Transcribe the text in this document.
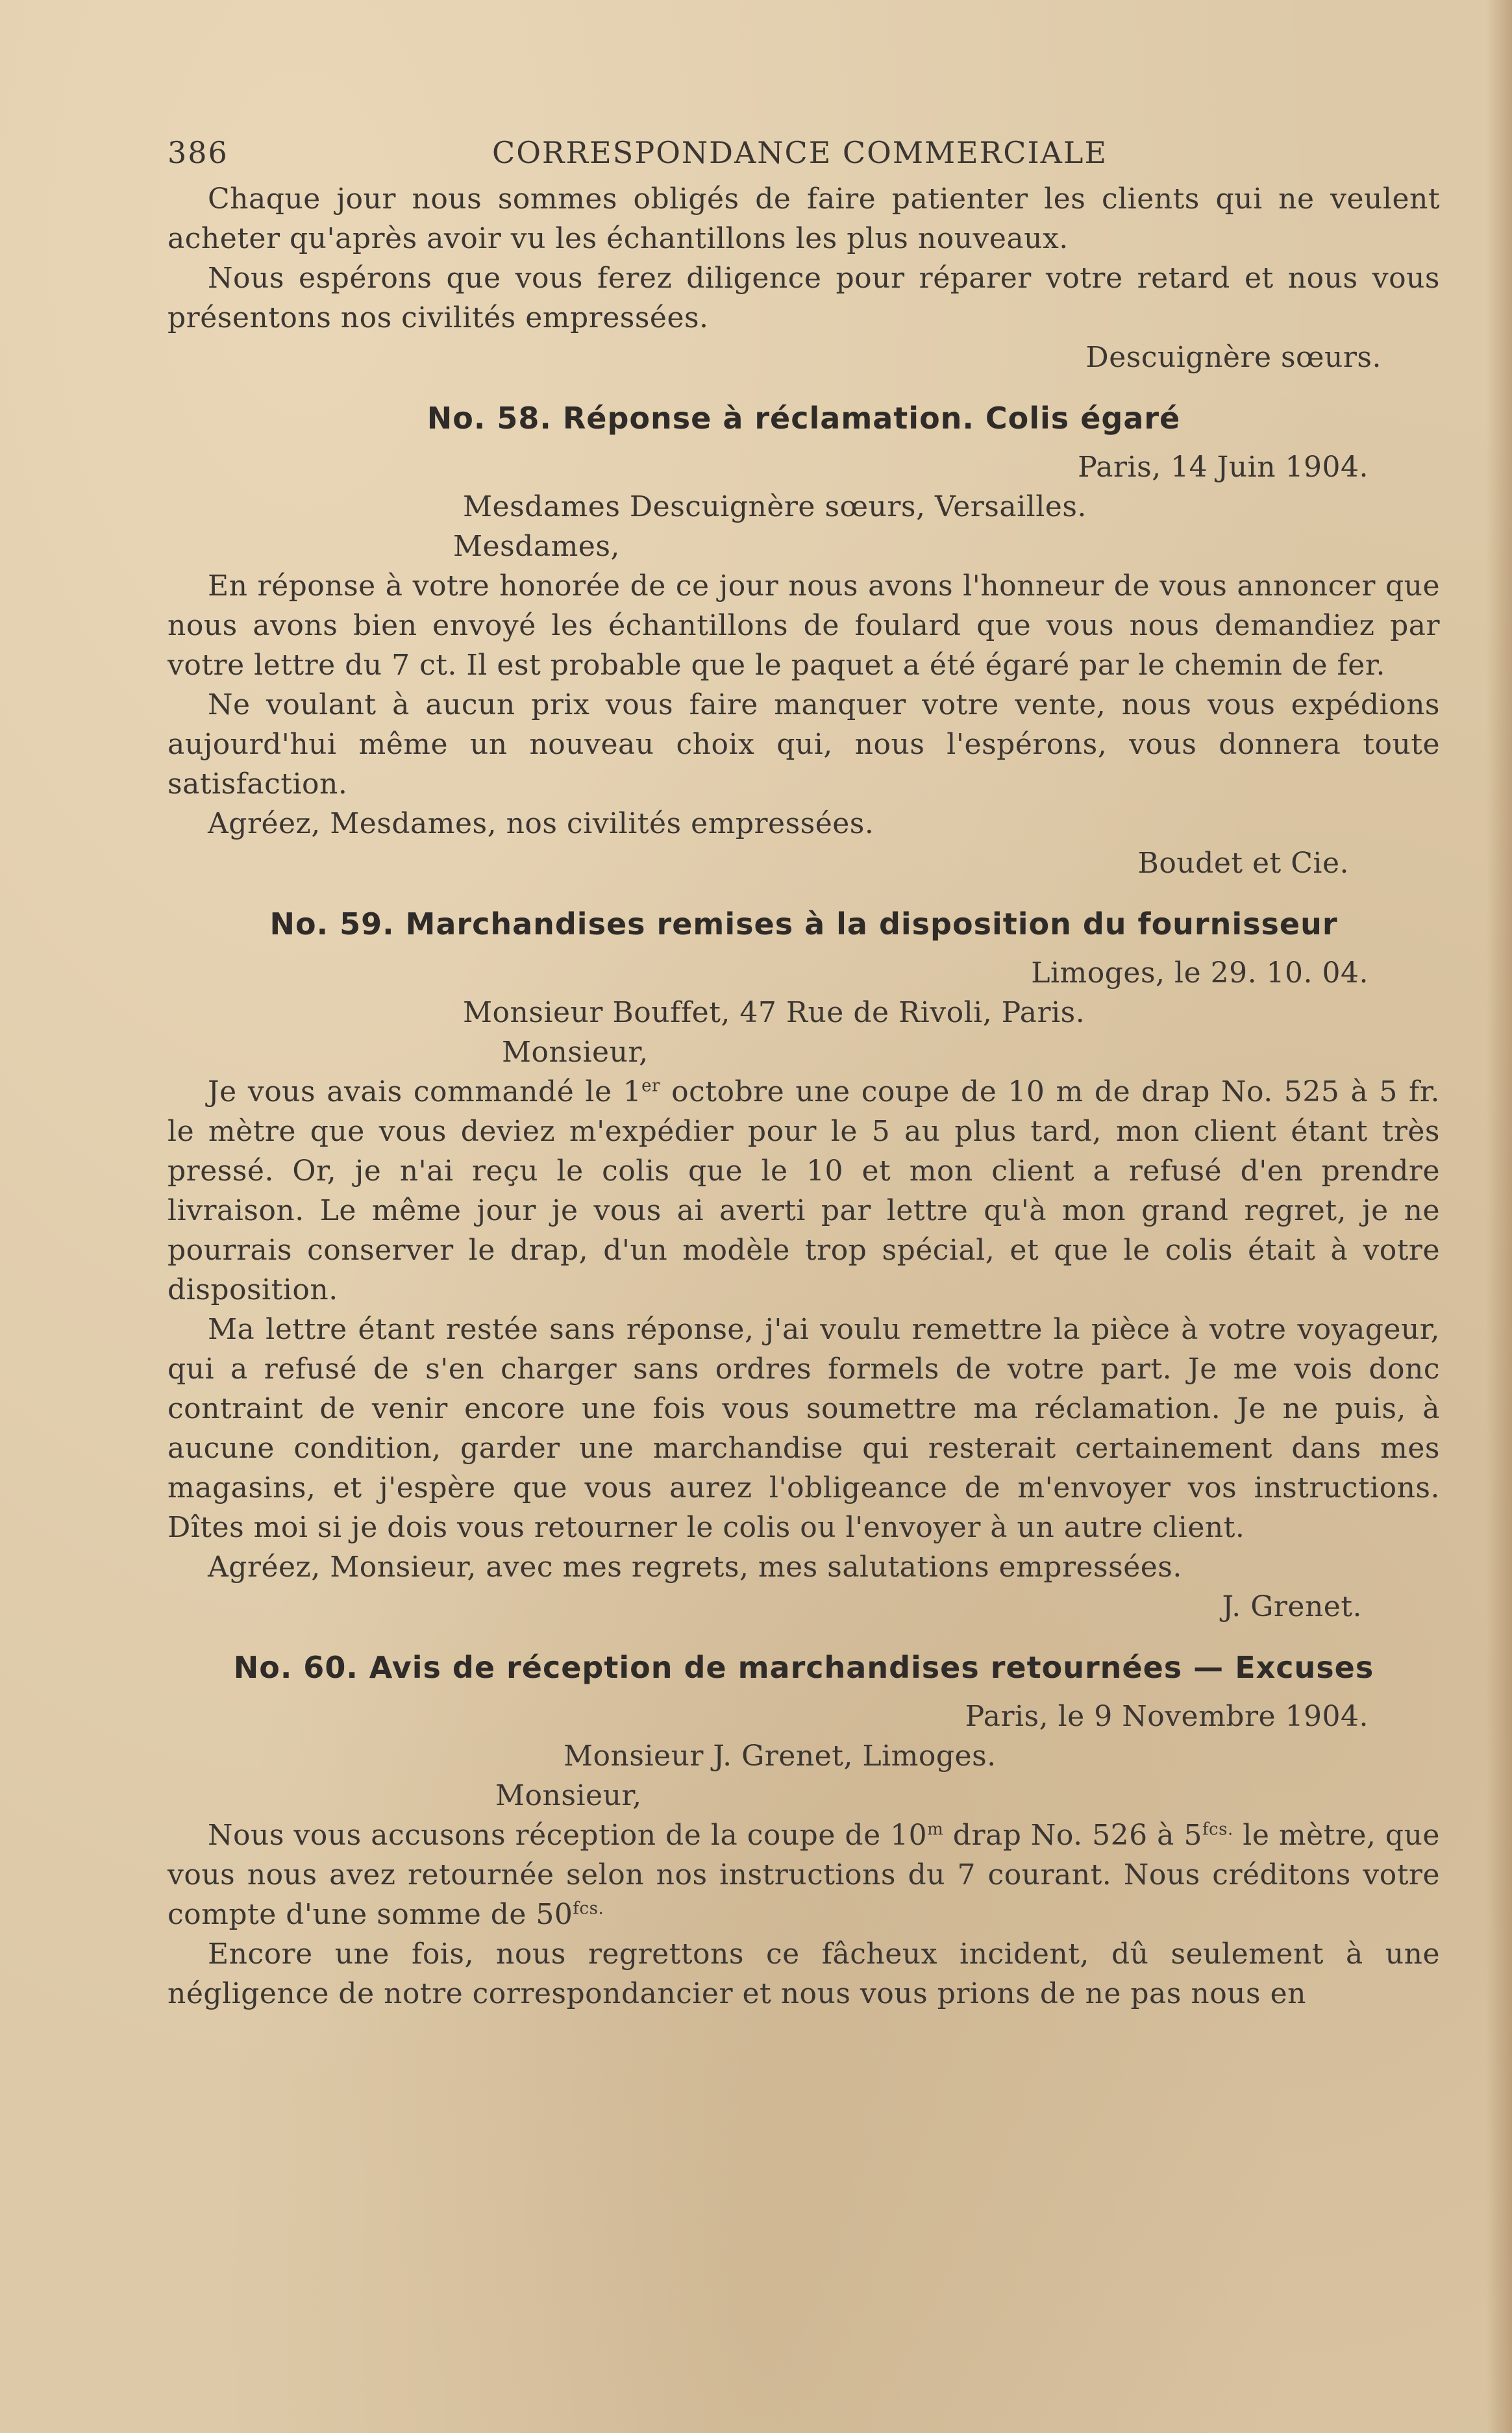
386	CORRESPONDANCE COMMERCIALE

Chaque jour nous sommes obligés de faire patienter les clients qui ne veulent acheter qu'après avoir vu les échantillons les plus nouveaux.

Nous espérons que vous ferez diligence pour réparer votre retard et nous vous présentons nos civilités empressées.

Descuignère sœurs.

No. 58. Réponse à réclamation. Colis égaré

Paris, 14 Juin 1904.

Mesdames Descuignère sœurs, Versailles.

Mesdames,

En réponse à votre honorée de ce jour nous avons l'honneur de vous annoncer que nous avons bien envoyé les échantillons de foulard que vous nous demandiez par votre lettre du 7 ct. Il est probable que le paquet a été égaré par le chemin de fer.

Ne voulant à aucun prix vous faire manquer votre vente, nous vous expédions aujourd'hui même un nouveau choix qui, nous l'espérons, vous donnera toute satisfaction.

Agréez, Mesdames, nos civilités empressées.

Boudet et Cie.

No. 59. Marchandises remises à la disposition du fournisseur

Limoges, le 29. 10. 04.

Monsieur Bouffet, 47 Rue de Rivoli, Paris.

Monsieur,

Je vous avais commandé le 1er octobre une coupe de 10 m de drap No. 525 à 5 fr. le mètre que vous deviez m'expédier pour le 5 au plus tard, mon client étant très pressé. Or, je n'ai reçu le colis que le 10 et mon client a refusé d'en prendre livraison. Le même jour je vous ai averti par lettre qu'à mon grand regret, je ne pourrais conserver le drap, d'un modèle trop spécial, et que le colis était à votre disposition.

Ma lettre étant restée sans réponse, j'ai voulu remettre la pièce à votre voyageur, qui a refusé de s'en charger sans ordres formels de votre part. Je me vois donc contraint de venir encore une fois vous soumettre ma réclamation. Je ne puis, à aucune condition, garder une marchandise qui resterait certainement dans mes magasins, et j'espère que vous aurez l'obligeance de m'envoyer vos instructions. Dîtes moi si je dois vous retourner le colis ou l'envoyer à un autre client.

Agréez, Monsieur, avec mes regrets, mes salutations empressées.

J. Grenet.

No. 60. Avis de réception de marchandises retournées — Excuses

Paris, le 9 Novembre 1904.

Monsieur J. Grenet, Limoges.

Monsieur,

Nous vous accusons réception de la coupe de 10$^m$ drap No. 526 à $5^{fcs.}$ le mètre, que vous nous avez retournée selon nos instructions du 7 courant. Nous créditons votre compte d'une somme de $50^{fcs.}$

Encore une fois, nous regrettons ce fâcheux incident, dû seulement à une négligence de notre correspondancier et nous vous prions de ne pas nous en
